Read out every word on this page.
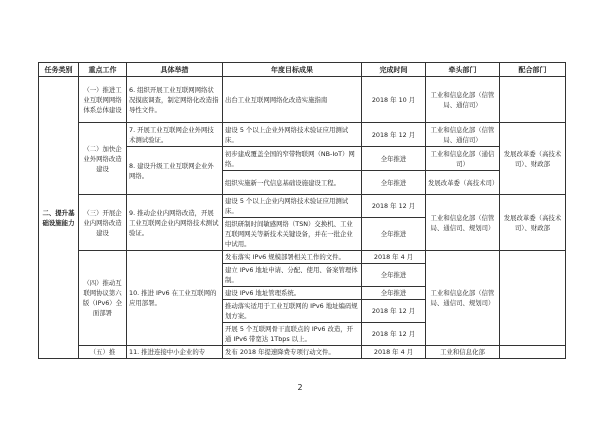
任务类别	重点工作	具体举措	年度目标成果	完成时间	牵头部门	配合部门
二、提升基础设施能力	（一）推进工业互联网网络体系总体建设	6. 组织开展工业互联网网络状况摸底调查，制定网络化改造指导性文件。	出台工业互联网网络化改造实施指南	2018 年 10 月	工业和信息化部（信管局、通信司）	
	（二）加快企业外网络改造建设	7. 开展工业互联网企业外网技术测试验证。	建设 5 个以上企业外网络技术验证应用测试床。	2018 年 12 月	工业和信息化部（信管局、通信司）	发展改革委（高技术司）、财政部
		8. 建设升级工业互联网企业外网络。	初步建成覆盖全国的窄带物联网（NB-IoT）网络。	全年推进	工业和信息化部（通信司）	
			组织实施新一代信息基础设施建设工程。	全年推进	发展改革委（高技术司）	
	（三）开展企业内网络改造建设	9. 推动企业内网络改造，开展工业互联网企业内网络技术测试验证。	建设 5 个以上企业内网络技术验证应用测试床。	2018 年 12 月	工业和信息化部（信管局、通信司、规划司）	发展改革委（高技术司）、财政部
			组织研制时间敏感网络（TSN）交换机、工业互联网网关等新技术关键设备，并在一批企业中试用。	全年推进		
	（四）推动互联网协议第六版（IPv6）全面部署	10. 推进 IPv6 在工业互联网的应用部署。	发布落实 IPv6 规模部署相关工作的文件。	2018 年 4 月	工业和信息化部（信管局、通信司、规划司）	
			建立 IPv6 地址申请、分配、使用、备案管理体制。	全年推进		
			建设 IPv6 地址管理系统。	全年推进		
			推动落实适用于工业互联网的 IPv6 地址编码规划方案。	2018 年 12 月		
			开展 5 个互联网骨干直联点的 IPv6 改造，开通 IPv6 带宽达 1Tbps 以上。	2018 年 12 月		
	（五）推	11. 推进连接中小企业的专	发布 2018 年提速降费专项行动文件。	2018 年 4 月	工业和信息化部	
2
